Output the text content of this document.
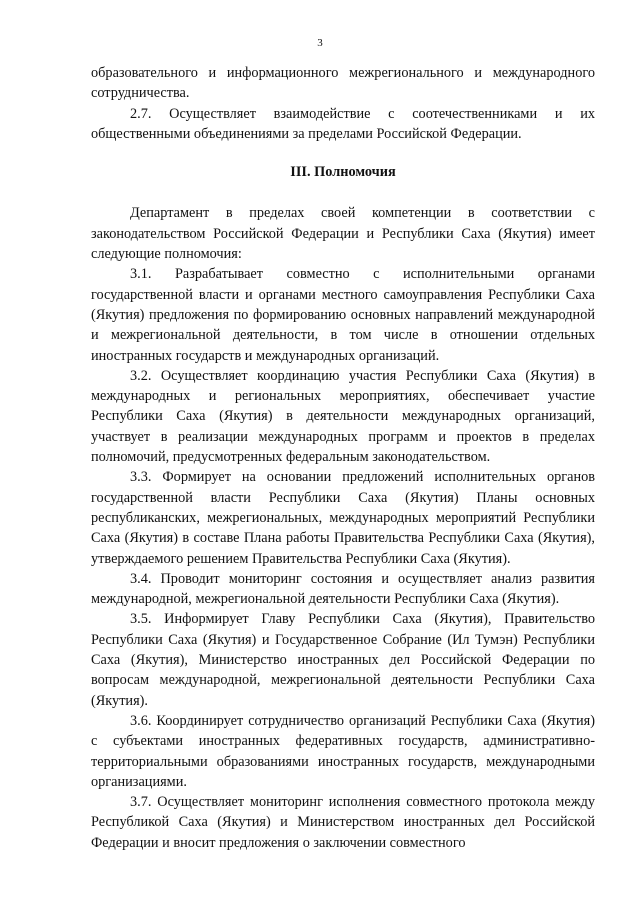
3

образовательного и информационного межрегионального и международного сотрудничества.

2.7. Осуществляет взаимодействие с соотечественниками и их общественными объединениями за пределами Российской Федерации.

III. Полномочия

Департамент в пределах своей компетенции в соответствии с законодательством Российской Федерации и Республики Саха (Якутия) имеет следующие полномочия:

3.1. Разрабатывает совместно с исполнительными органами государственной власти и органами местного самоуправления Республики Саха (Якутия) предложения по формированию основных направлений международной и межрегиональной деятельности, в том числе в отношении отдельных иностранных государств и международных организаций.

3.2. Осуществляет координацию участия Республики Саха (Якутия) в международных и региональных мероприятиях, обеспечивает участие Республики Саха (Якутия) в деятельности международных организаций, участвует в реализации международных программ и проектов в пределах полномочий, предусмотренных федеральным законодательством.

3.3. Формирует на основании предложений исполнительных органов государственной власти Республики Саха (Якутия) Планы основных республиканских, межрегиональных, международных мероприятий Республики Саха (Якутия) в составе Плана работы Правительства Республики Саха (Якутия), утверждаемого решением Правительства Республики Саха (Якутия).

3.4. Проводит мониторинг состояния и осуществляет анализ развития международной, межрегиональной деятельности Республики Саха (Якутия).

3.5. Информирует Главу Республики Саха (Якутия), Правительство Республики Саха (Якутия) и Государственное Собрание (Ил Тумэн) Республики Саха (Якутия), Министерство иностранных дел Российской Федерации по вопросам международной, межрегиональной деятельности Республики Саха (Якутия).

3.6. Координирует сотрудничество организаций Республики Саха (Якутия) с субъектами иностранных федеративных государств, административно-территориальными образованиями иностранных государств, международными организациями.

3.7. Осуществляет мониторинг исполнения совместного протокола между Республикой Саха (Якутия) и Министерством иностранных дел Российской Федерации и вносит предложения о заключении совместного
